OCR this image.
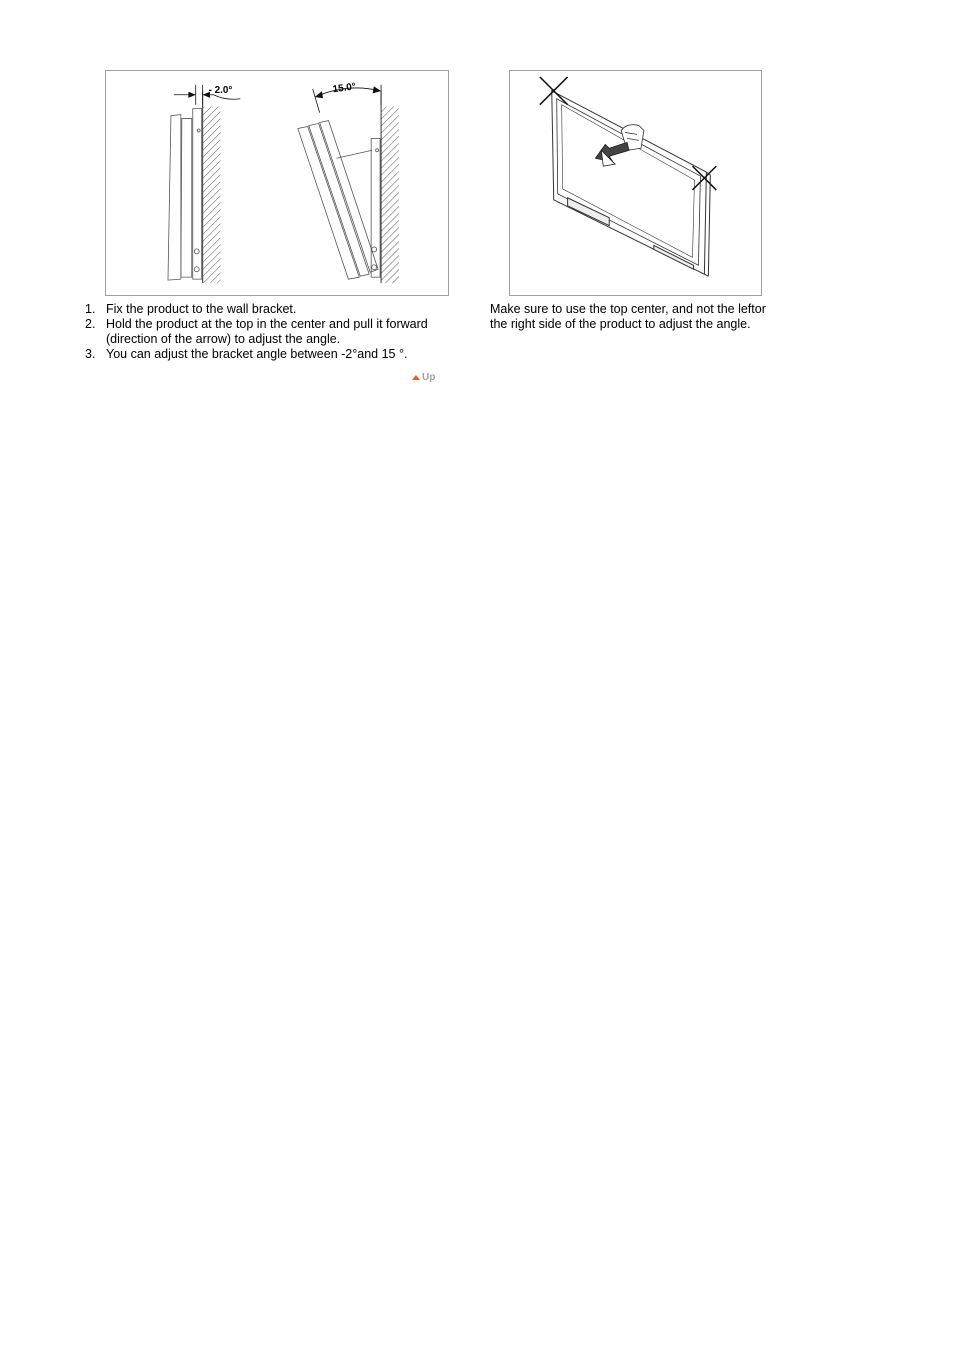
- 2.0°	15.0°
1. Fix the product to the wall bracket.
2. Hold the product at the top in the center and pull it forward (direction of the arrow) to adjust the angle.
3. You can adjust the bracket angle between -2°and 15 °.
Make sure to use the top center, and not the leftor the right side of the product to adjust the angle.
Up
